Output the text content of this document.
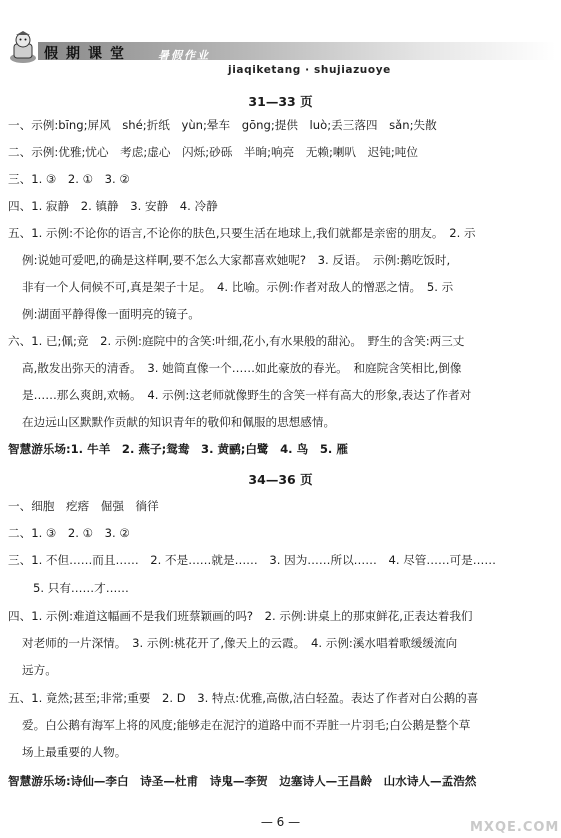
假期课堂 暑假作业
jiaqiketang · shujiazuoye
31—33 页
一、示例:bīng;屏风　shé;折纸　yùn;晕车　gōng;提供　luò;丢三落四　sǎn;失散
二、示例:优雅;忧心　考虑;虚心　闪烁;砂砾　半晌;响亮　无赖;喇叭　迟钝;吨位
三、1. ③　2. ①　3. ②
四、1. 寂静　2. 镇静　3. 安静　4. 冷静
五、1. 示例:不论你的语言,不论你的肤色,只要生活在地球上,我们就都是亲密的朋友。　2. 示
例:说她可爱吧,的确是这样啊,要不怎么大家都喜欢她呢?　3. 反语。　示例:鹅吃饭时,
非有一个人伺候不可,真是架子十足。　4. 比喻。示例:作者对敌人的憎恶之情。　5. 示
例:湖面平静得像一面明亮的镜子。
六、1. 已;佩;竞　2. 示例:庭院中的含笑:叶细,花小,有水果般的甜沁。　野生的含笑:两三丈
高,散发出弥天的清香。　3. 她简直像一个……如此豪放的春光。　和庭院含笑相比,倒像
是……那么爽朗,欢畅。　4. 示例:这老师就像野生的含笑一样有高大的形象,表达了作者对
在边远山区默默作贡献的知识青年的敬仰和佩服的思想感情。
智慧游乐场:1. 牛羊　2. 燕子;鸳鸯　3. 黄鹂;白鹭　4. 鸟　5. 雁
34—36 页
一、细胞　疙瘩　倔强　徜徉
二、1. ③　2. ①　3. ②
三、1. 不但……而且……　2. 不是……就是……　3. 因为……所以……　4. 尽管……可是……
5. 只有……才……
四、1. 示例:难道这幅画不是我们班蔡颖画的吗?　2. 示例:讲桌上的那束鲜花,正表达着我们
对老师的一片深情。　3. 示例:桃花开了,像天上的云霞。　4. 示例:溪水唱着歌缓缓流向
远方。
五、1. 竟然;甚至;非常;重要　2. D　3. 特点:优雅,高傲,洁白轻盈。表达了作者对白公鹅的喜
爱。白公鹅有海军上将的风度;能够走在泥泞的道路中而不弄脏一片羽毛;白公鹅是整个草
场上最重要的人物。
智慧游乐场:诗仙—李白　诗圣—杜甫　诗鬼—李贺　边塞诗人—王昌龄　山水诗人—孟浩然
— 6 —	MXQE.COM
